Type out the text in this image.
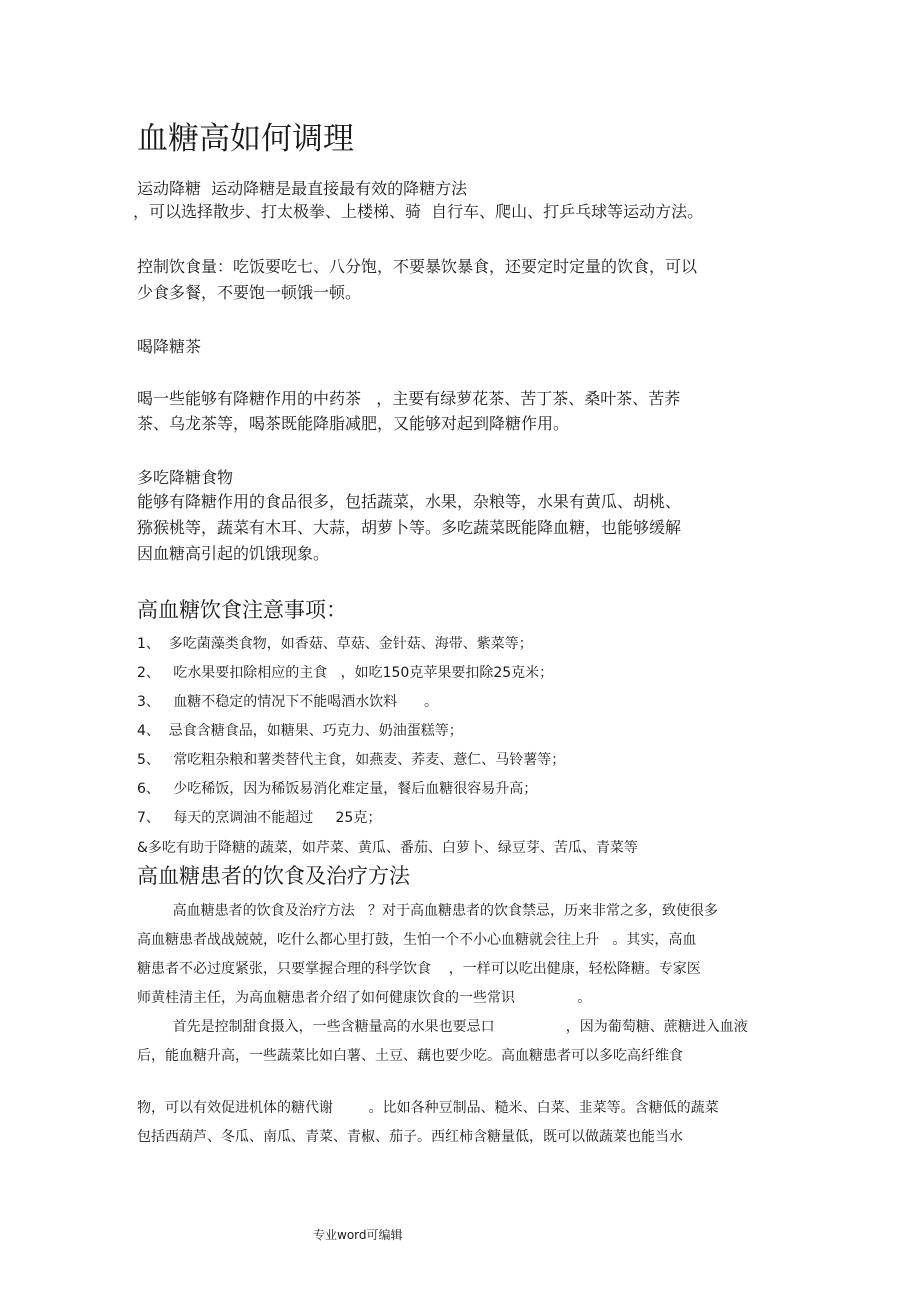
血糖高如何调理
运动降糖  运动降糖是最直接最有效的降糖方法
，可以选择散步、打太极拳、上楼梯、骑  自行车、爬山、打乒乓球等运动方法。
控制饮食量：吃饭要吃七、八分饱，不要暴饮暴食，还要定时定量的饮食，可以
少食多餐，不要饱一顿饿一顿。
喝降糖茶
喝一些能够有降糖作用的中药茶   ，主要有绿萝花茶、苦丁茶、桑叶茶、苦荞
茶、乌龙茶等，喝茶既能降脂减肥，又能够对起到降糖作用。
多吃降糖食物
能够有降糖作用的食品很多，包括蔬菜，水果，杂粮等，水果有黄瓜、胡桃、
猕猴桃等，蔬菜有木耳、大蒜，胡萝卜等。多吃蔬菜既能降血糖，也能够缓解
因血糖高引起的饥饿现象。
高血糖饮食注意事项：
1、  多吃菌藻类食物，如香菇、草菇、金针菇、海带、紫菜等；
2、   吃水果要扣除相应的主食   ，如吃150克苹果要扣除25克米；
3、   血糖不稳定的情况下不能喝酒水饮料      。
4、  忌食含糖食品，如糖果、巧克力、奶油蛋糕等；
5、   常吃粗杂粮和薯类替代主食，如燕麦、荞麦、薏仁、马铃薯等；
6、   少吃稀饭，因为稀饭易消化难定量，餐后血糖很容易升高；
7、   每天的烹调油不能超过     25克；
&多吃有助于降糖的蔬菜，如芹菜、黄瓜、番茄、白萝卜、绿豆芽、苦瓜、青菜等
高血糖患者的饮食及治疗方法
高血糖患者的饮食及治疗方法   ？对于高血糖患者的饮食禁忌，历来非常之多，致使很多
高血糖患者战战兢兢，吃什么都心里打鼓，生怕一个不小心血糖就会往上升   。其实，高血
糖患者不必过度紧张，只要掌握合理的科学饮食    ，一样可以吃出健康，轻松降糖。专家医
师黄桂清主任，为高血糖患者介绍了如何健康饮食的一些常识              。
首先是控制甜食摄入，一些含糖量高的水果也要忌口                ，因为葡萄糖、蔗糖进入血液
后，能血糖升高，一些蔬菜比如白薯、土豆、藕也要少吃。高血糖患者可以多吃高纤维食
物，可以有效促进机体的糖代谢        。比如各种豆制品、糙米、白菜、韭菜等。含糖低的蔬菜
包括西葫芦、冬瓜、南瓜、青菜、青椒、茄子。西红柿含糖量低，既可以做蔬菜也能当水
专业word可编辑
